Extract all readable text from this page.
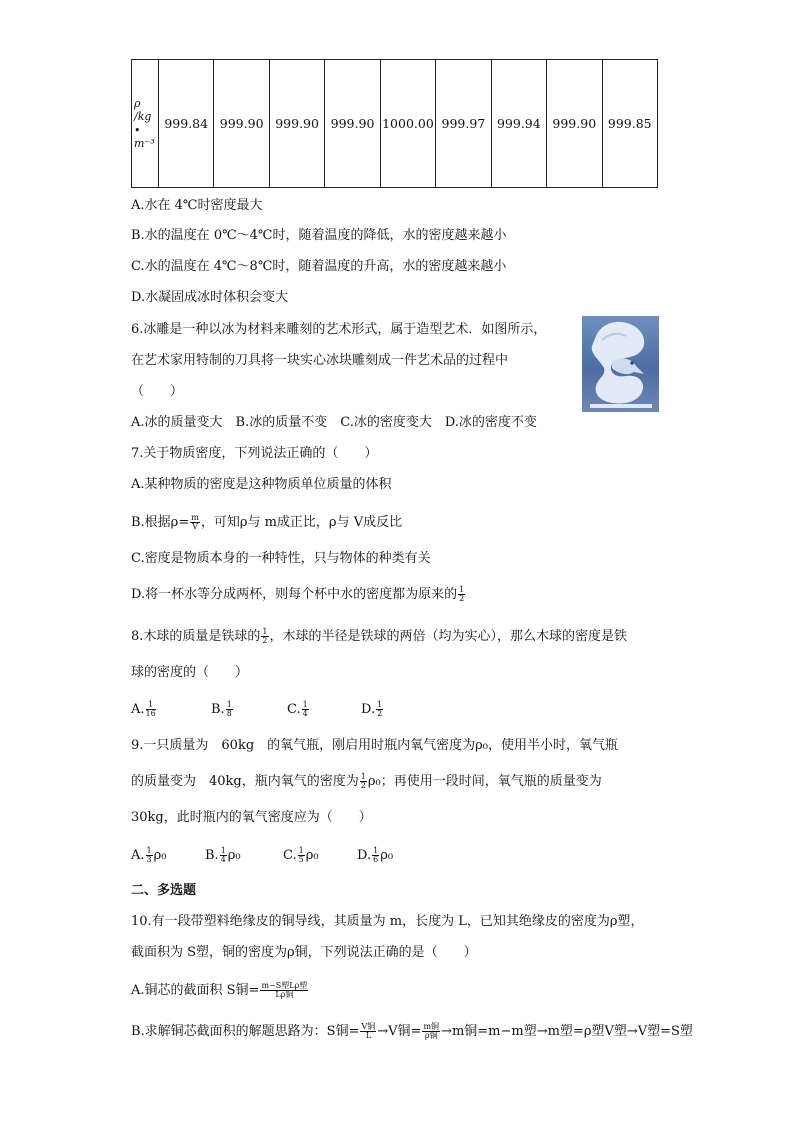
ρ
/kg
•
m⁻³
	999.84	999.90	999.90	999.90	1000.00	999.97	999.94	999.90	999.85
A.水在 4℃时密度最大
B.水的温度在 0℃～4℃时，随着温度的降低，水的密度越来越小
C.水的温度在 4℃～8℃时，随着温度的升高，水的密度越来越小
D.水凝固成冰时体积会变大
6.冰雕是一种以冰为材料来雕刻的艺术形式，属于造型艺术．如图所示，
在艺术家用特制的刀具将一块实心冰块雕刻成一件艺术品的过程中
（　　）
A.冰的质量变大　B.冰的质量不变　C.冰的密度变大　D.冰的密度不变
7.关于物质密度，下列说法正确的（　　）
A.某种物质的密度是这种物质单位质量的体积
B.根据$\rho= \frac{m}{V}$ ，可知ρ与 m成正比，ρ与 V成反比
C.密度是物质本身的一种特性，只与物体的种类有关
D.将一杯水等分成两杯，则每个杯中水的密度都为原来的 $\frac{1}{2}$
8.木球的质量是铁球的 $\frac{1}{2}$ ，木球的半径是铁球的两倍（均为实心），那么木球的密度是铁
球的密度的（　　）
A. $\frac{1}{16}$	B. $\frac{1}{8}$	C. $\frac{1}{4}$	D. $\frac{1}{2}$
9.一只质量为　60kg　的氧气瓶，刚启用时瓶内氧气密度为ρ₀，使用半小时，氧气瓶
的质量变为　40kg，瓶内氧气的密度为 $\frac{1}{2} \rho_0$；再使用一段时间，氧气瓶的质量变为
30kg，此时瓶内的氧气密度应为（　　）
A. $\frac{1}{3} \rho_0$	B. $\frac{1}{4} \rho_0$	C. $\frac{1}{5} \rho_0$	D. $\frac{1}{6} \rho_0$
二、多选题
10.有一段带塑料绝缘皮的铜导线，其质量为 m，长度为 L，已知其绝缘皮的密度为ρ塑，
截面积为 S塑，铜的密度为ρ铜，下列说法正确的是（　　）
A.铜芯的截面积 S铜= $\frac{\text{m−S塑Lρ塑}}{\text{Lρ铜}}$
B.求解铜芯截面积的解题思路为：S铜= $\frac{\text{V铜}}{L} \to V$铜= $\frac{\text{m铜}}{\text{ρ铜}} \to m$铜=m−m塑→m塑=ρ塑V塑→V塑=S塑
